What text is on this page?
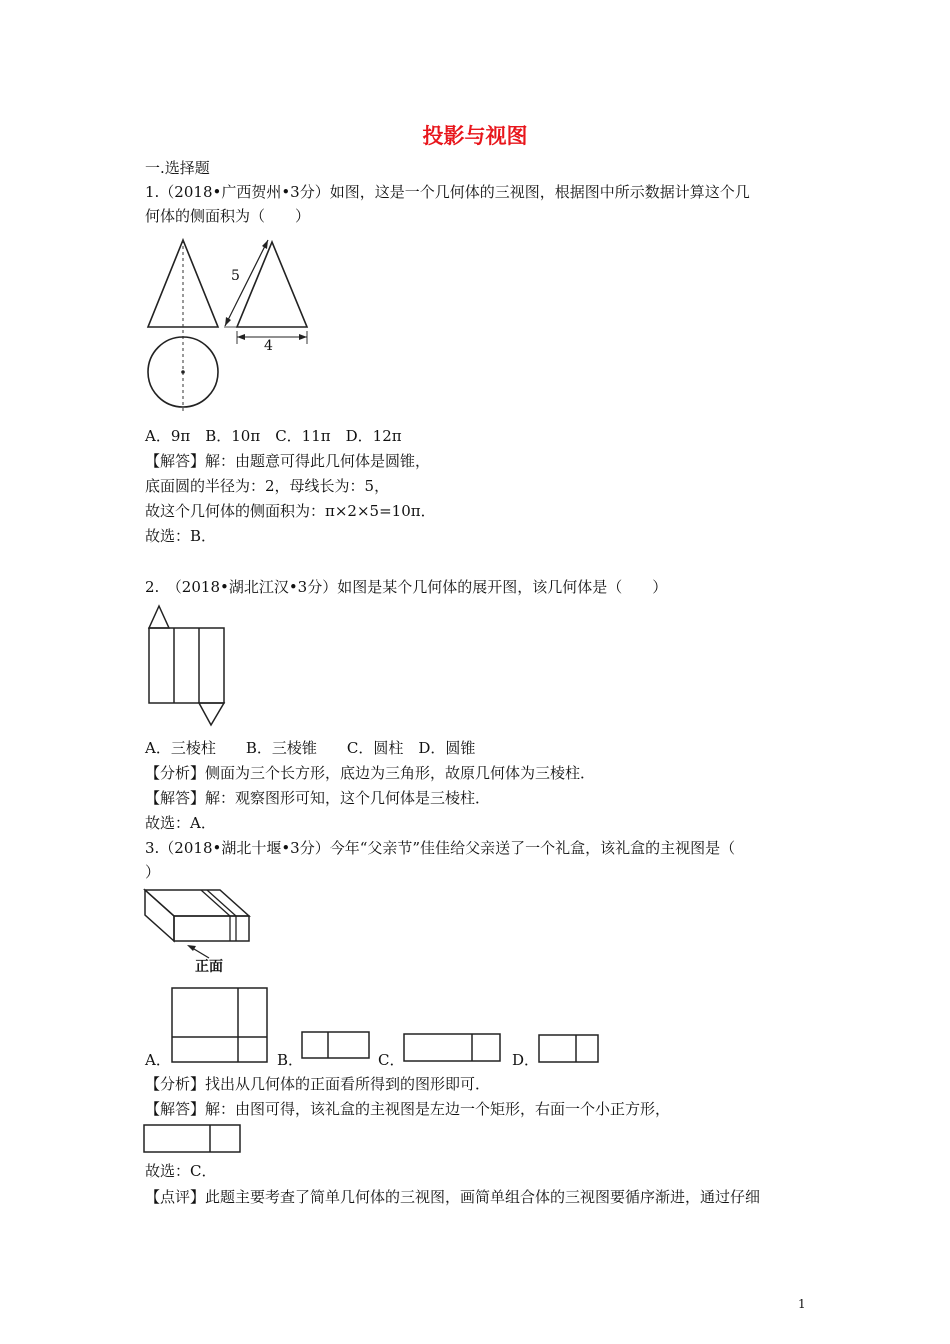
投影与视图
一.选择题
1.（2018•广西贺州•3分）如图，这是一个几何体的三视图，根据图中所示数据计算这个几
何体的侧面积为（　　）
5
4
A．9π　B．10π　C．11π　D．12π
【解答】解：由题意可得此几何体是圆锥，
底面圆的半径为：2，母线长为：5，
故这个几何体的侧面积为：π×2×5=10π．
故选：B．
2.　（2018•湖北江汉•3分）如图是某个几何体的展开图，该几何体是（　　）
A．三棱柱　　B．三棱锥　　C．圆柱　D．圆锥
【分析】侧面为三个长方形，底边为三角形，故原几何体为三棱柱．
【解答】解：观察图形可知，这个几何体是三棱柱．
故选：A．
3.（2018•湖北十堰•3分）今年“父亲节”佳佳给父亲送了一个礼盒，该礼盒的主视图是（
）
正面
A．	B．	C．	D．
【分析】找出从几何体的正面看所得到的图形即可．
【解答】解：由图可得，该礼盒的主视图是左边一个矩形，右面一个小正方形，
故选：C．
【点评】此题主要考查了简单几何体的三视图，画简单组合体的三视图要循序渐进，通过仔细
1
